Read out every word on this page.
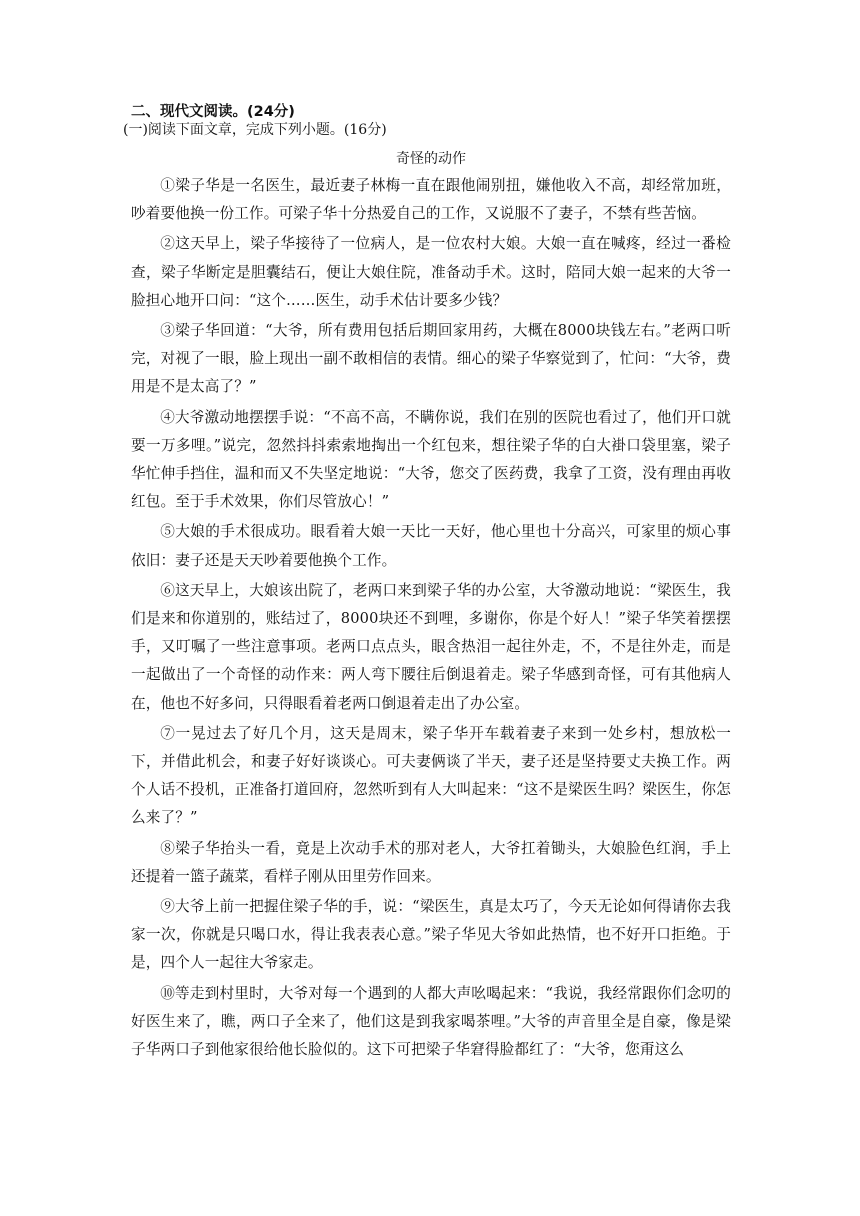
二、现代文阅读。(24分)

(一)阅读下面文章，完成下列小题。(16分)

奇怪的动作

①梁子华是一名医生，最近妻子林梅一直在跟他闹别扭，嫌他收入不高，却经常加班，吵着要他换一份工作。可梁子华十分热爱自己的工作，又说服不了妻子，不禁有些苦恼。

②这天早上，梁子华接待了一位病人，是一位农村大娘。大娘一直在喊疼，经过一番检查，梁子华断定是胆囊结石，便让大娘住院，准备动手术。这时，陪同大娘一起来的大爷一脸担心地开口问：“这个……医生，动手术估计要多少钱？

③梁子华回道：“大爷，所有费用包括后期回家用药，大概在8000块钱左右。”老两口听完，对视了一眼，脸上现出一副不敢相信的表情。细心的梁子华察觉到了，忙问：“大爷，费用是不是太高了？”

④大爷激动地摆摆手说：“不高不高，不瞒你说，我们在别的医院也看过了，他们开口就要一万多哩。”说完，忽然抖抖索索地掏出一个红包来，想往梁子华的白大褂口袋里塞，梁子华忙伸手挡住，温和而又不失坚定地说：“大爷，您交了医药费，我拿了工资，没有理由再收红包。至于手术效果，你们尽管放心！”

⑤大娘的手术很成功。眼看着大娘一天比一天好，他心里也十分高兴，可家里的烦心事依旧：妻子还是天天吵着要他换个工作。

⑥这天早上，大娘该出院了，老两口来到梁子华的办公室，大爷激动地说：“梁医生，我们是来和你道别的，账结过了，8000块还不到哩，多谢你，你是个好人！”梁子华笑着摆摆手，又叮嘱了一些注意事项。老两口点点头，眼含热泪一起往外走，不，不是往外走，而是一起做出了一个奇怪的动作来：两人弯下腰往后倒退着走。梁子华感到奇怪，可有其他病人在，他也不好多问，只得眼看着老两口倒退着走出了办公室。

⑦一晃过去了好几个月，这天是周末，梁子华开车载着妻子来到一处乡村，想放松一下，并借此机会，和妻子好好谈谈心。可夫妻俩谈了半天，妻子还是坚持要丈夫换工作。两个人话不投机，正准备打道回府，忽然听到有人大叫起来：“这不是梁医生吗？梁医生，你怎么来了？”

⑧梁子华抬头一看，竟是上次动手术的那对老人，大爷扛着锄头，大娘脸色红润，手上还提着一篮子蔬菜，看样子刚从田里劳作回来。

⑨大爷上前一把握住梁子华的手，说：“梁医生，真是太巧了，今天无论如何得请你去我家一次，你就是只喝口水，得让我表表心意。”梁子华见大爷如此热情，也不好开口拒绝。于是，四个人一起往大爷家走。

⑩等走到村里时，大爷对每一个遇到的人都大声吆喝起来：“我说，我经常跟你们念叨的好医生来了，瞧，两口子全来了，他们这是到我家喝茶哩。”大爷的声音里全是自豪，像是梁子华两口子到他家很给他长脸似的。这下可把梁子华窘得脸都红了：“大爷，您甭这么
